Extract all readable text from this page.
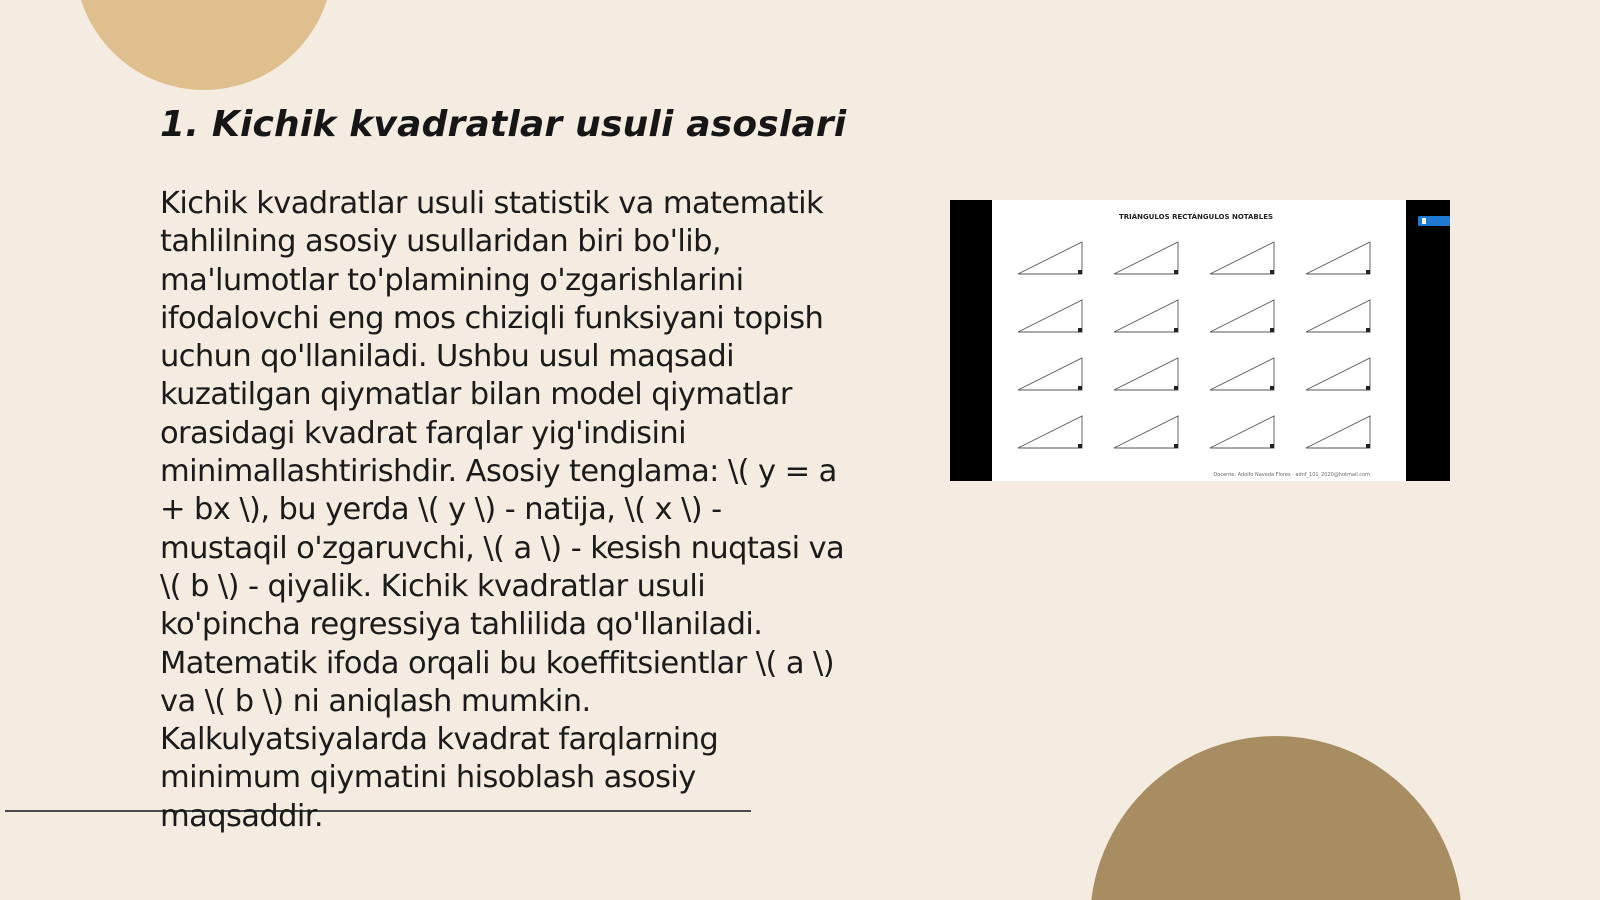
1. Kichik kvadratlar usuli asoslari

Kichik kvadratlar usuli statistik va matematik tahlilning asosiy usullaridan biri bo'lib, ma'lumotlar to'plamining o'zgarishlarini ifodalovchi eng mos chiziqli funksiyani topish uchun qo'llaniladi. Ushbu usul maqsadi kuzatilgan qiymatlar bilan model qiymatlar orasidagi kvadrat farqlar yig'indisini minimallashtirishdir. Asosiy tenglama: \( y = a + bx \), bu yerda \( y \) - natija, \( x \) - mustaqil o'zgaruvchi, \( a \) - kesish nuqtasi va \( b \) - qiyalik. Kichik kvadratlar usuli ko'pincha regressiya tahlilida qo'llaniladi. Matematik ifoda orqali bu koeffitsientlar \( a \) va \( b \) ni aniqlash mumkin. Kalkulyatsiyalarda kvadrat farqlarning minimum qiymatini hisoblash asosiy maqsaddir.

TRIÁNGULOS RECTÁNGULOS NOTABLES
Docente: Adolfo Naveda Flores · adnf_101_2020@hotmail.com
